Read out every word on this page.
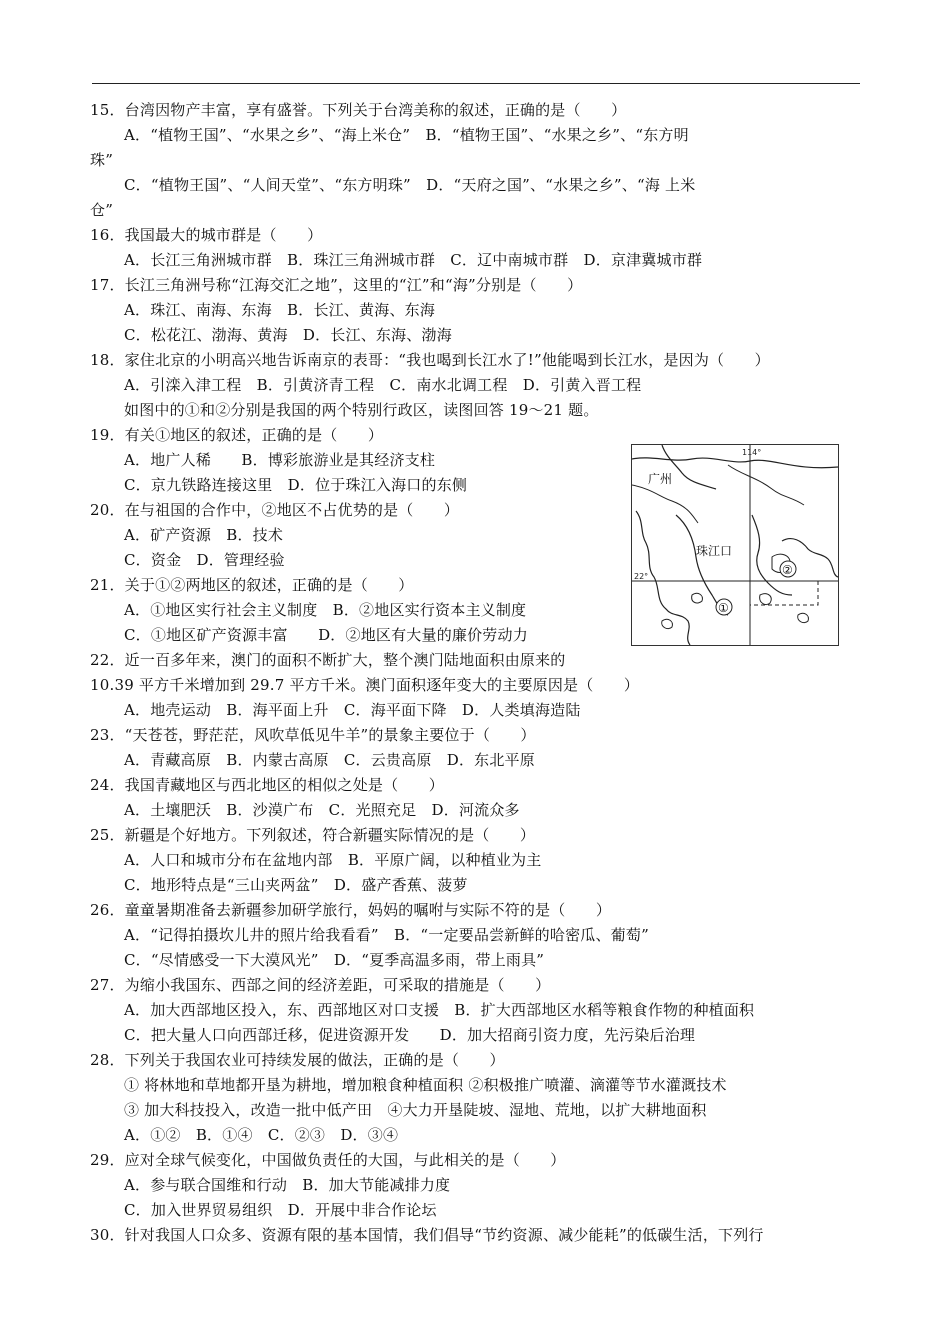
15．台湾因物产丰富，享有盛誉。下列关于台湾美称的叙述，正确的是（　　）
A．“植物王国”、“水果之乡”、“海上米仓”　B．“植物王国”、“水果之乡”、“东方明
珠”
C．“植物王国”、“人间天堂”、“东方明珠”　D．“天府之国”、“水果之乡”、“海 上米
仓”
16．我国最大的城市群是（　　）
A．长江三角洲城市群　B．珠江三角洲城市群　C．辽中南城市群　D．京津冀城市群
17．长江三角洲号称“江海交汇之地”，这里的“江”和“海”分别是（　　）
A．珠江、南海、东海　B．长江、黄海、东海
C．松花江、渤海、黄海　D．长江、东海、渤海
18．家住北京的小明高兴地告诉南京的表哥：“我也喝到长江水了!”他能喝到长江水，是因为（　　）
A．引滦入津工程　B．引黄济青工程　C．南水北调工程　D．引黄入晋工程
如图中的①和②分别是我国的两个特别行政区，读图回答 19～21 题。
19．有关①地区的叙述，正确的是（　　）
A．地广人稀　　B．博彩旅游业是其经济支柱
C．京九铁路连接这里　D．位于珠江入海口的东侧
20．在与祖国的合作中，②地区不占优势的是（　　）
A．矿产资源　B．技术
C．资金　D．管理经验
21．关于①②两地区的叙述，正确的是（　　）
A．①地区实行社会主义制度　B．②地区实行资本主义制度
C．①地区矿产资源丰富　　D．②地区有大量的廉价劳动力
22．近一百多年来，澳门的面积不断扩大，整个澳门陆地面积由原来的
10.39 平方千米增加到 29.7 平方千米。澳门面积逐年变大的主要原因是（　　）
A．地壳运动　B．海平面上升　C．海平面下降　D．人类填海造陆
23．“天苍苍，野茫茫，风吹草低见牛羊”的景象主要位于（　　）
A．青藏高原　B．内蒙古高原　C．云贵高原　D．东北平原
24．我国青藏地区与西北地区的相似之处是（　　）
A．土壤肥沃　B．沙漠广布　C．光照充足　D．河流众多
25．新疆是个好地方。下列叙述，符合新疆实际情况的是（　　）
A．人口和城市分布在盆地内部　B．平原广阔，以种植业为主
C．地形特点是“三山夹两盆”　D．盛产香蕉、菠萝
26．童童暑期准备去新疆参加研学旅行，妈妈的嘱咐与实际不符的是（　　）
A．“记得拍摄坎儿井的照片给我看看”　B．“一定要品尝新鲜的哈密瓜、葡萄”
C．“尽情感受一下大漠风光”　D．“夏季高温多雨，带上雨具”
27．为缩小我国东、西部之间的经济差距，可采取的措施是（　　）
A．加大西部地区投入，东、西部地区对口支援　B．扩大西部地区水稻等粮食作物的种植面积
C．把大量人口向西部迁移，促进资源开发　　D．加大招商引资力度，先污染后治理
28．下列关于我国农业可持续发展的做法，正确的是（　　）
① 将林地和草地都开垦为耕地，增加粮食种植面积 ②积极推广喷灌、滴灌等节水灌溉技术
③ 加大科技投入，改造一批中低产田　④大力开垦陡坡、湿地、荒地，以扩大耕地面积
A．①②　B．①④　C．②③　D．③④
29．应对全球气候变化，中国做负责任的大国，与此相关的是（　　）
A．参与联合国维和行动　B．加大节能减排力度
C．加入世界贸易组织　D．开展中非合作论坛
30．针对我国人口众多、资源有限的基本国情，我们倡导“节约资源、减少能耗”的低碳生活，下列行
114°
22°
广州
珠江口
①
②
